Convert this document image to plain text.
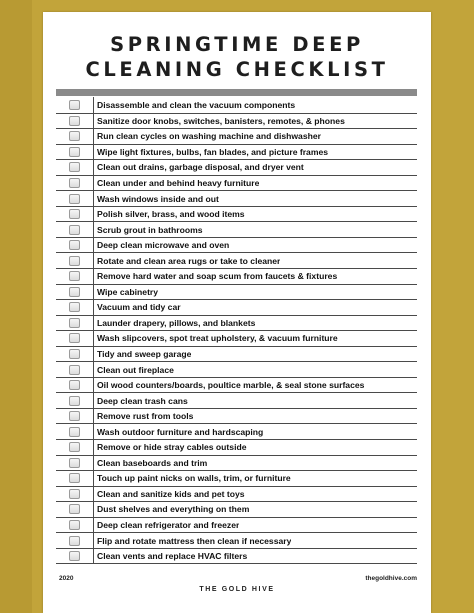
SPRINGTIME DEEP
CLEANING CHECKLIST
Disassemble and clean the vacuum components
Sanitize door knobs, switches, banisters, remotes, & phones
Run clean cycles on washing machine and dishwasher
Wipe light fixtures, bulbs, fan blades, and picture frames
Clean out drains, garbage disposal, and dryer vent
Clean under and behind heavy furniture
Wash windows inside and out
Polish silver, brass, and wood items
Scrub grout in bathrooms
Deep clean microwave and oven
Rotate and clean area rugs or take to cleaner
Remove hard water and soap scum from faucets & fixtures
Wipe cabinetry
Vacuum and tidy car
Launder drapery, pillows, and blankets
Wash slipcovers, spot treat upholstery, & vacuum furniture
Tidy and sweep garage
Clean out fireplace
Oil wood counters/boards, poultice marble, & seal stone surfaces
Deep clean trash cans
Remove rust from tools
Wash outdoor furniture and hardscaping
Remove or hide stray cables outside
Clean baseboards and trim
Touch up paint nicks on walls, trim, or furniture
Clean and sanitize kids and pet toys
Dust shelves and everything on them
Deep clean refrigerator and freezer
Flip and rotate mattress then clean if necessary
Clean vents and replace HVAC filters
2020	thegoldhive.com
THE GOLD HIVE
